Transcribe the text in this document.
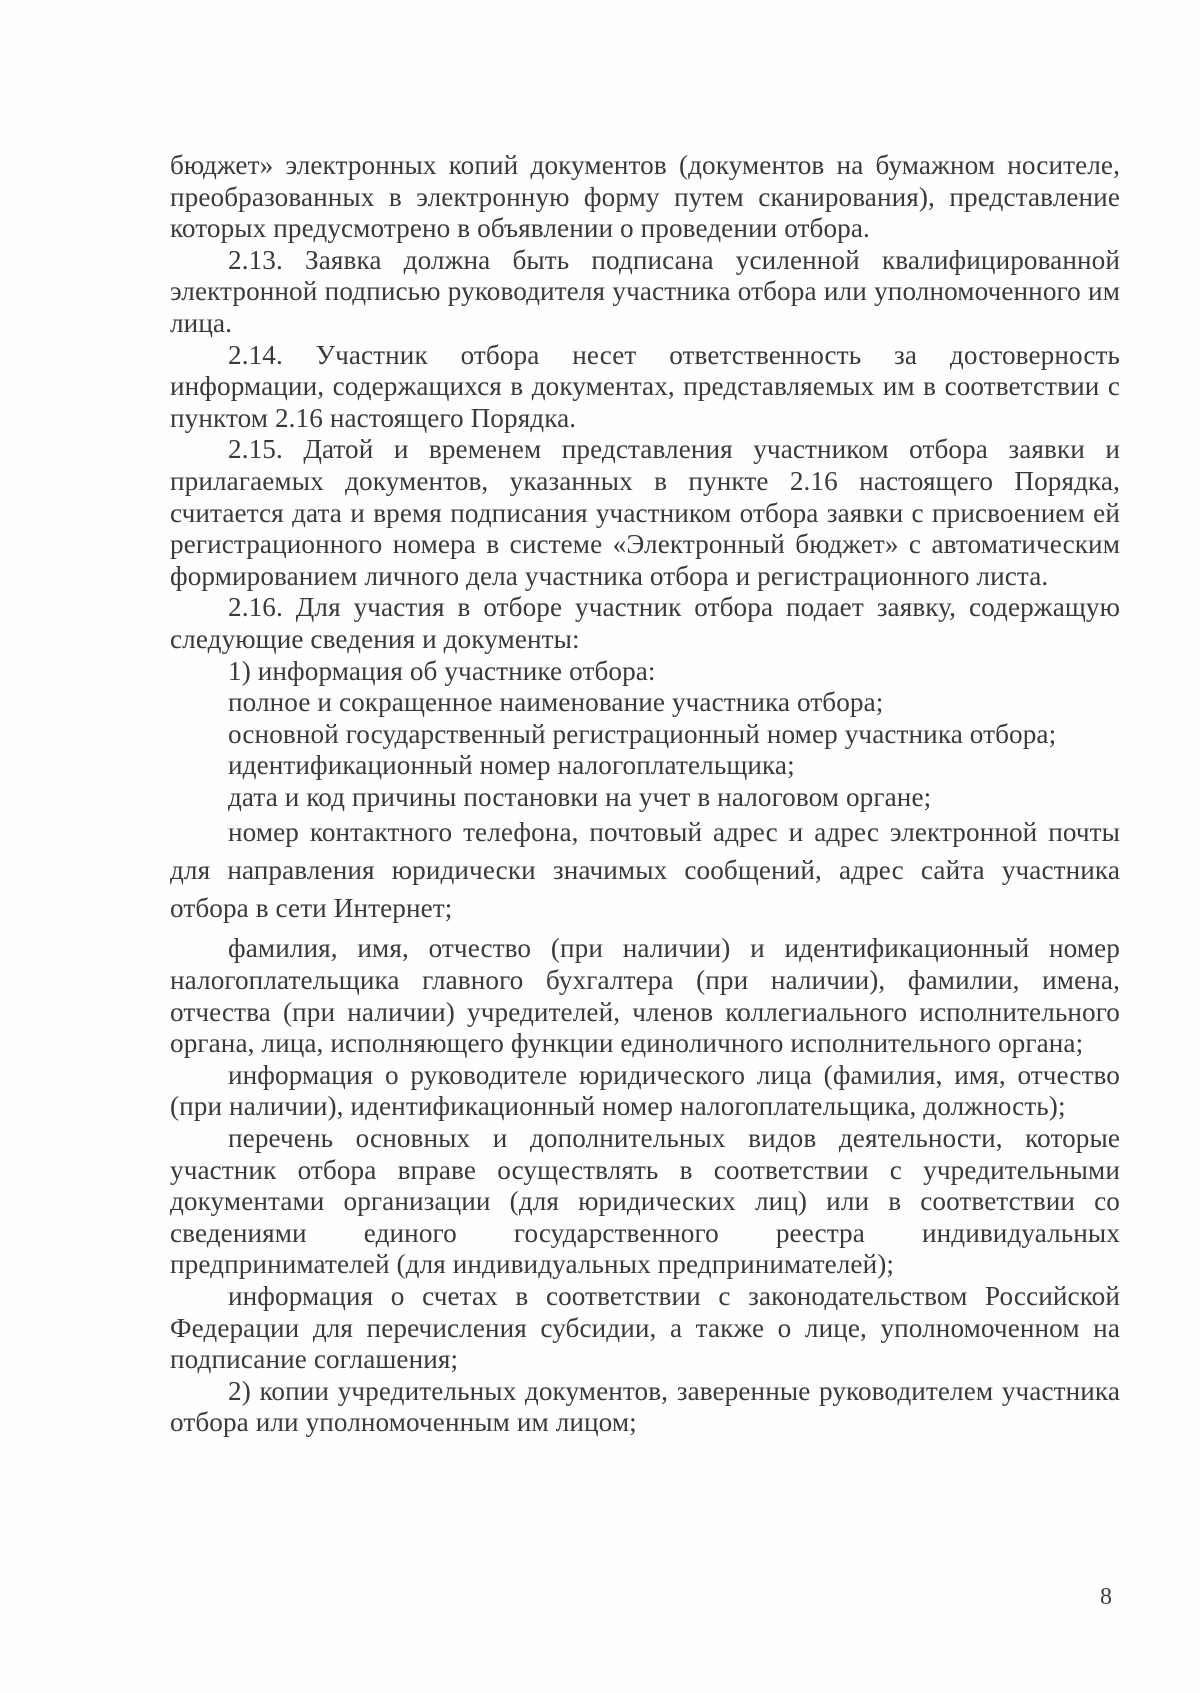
бюджет» электронных копий документов (документов на бумажном носителе, преобразованных в электронную форму путем сканирования), представление которых предусмотрено в объявлении о проведении отбора.

2.13. Заявка должна быть подписана усиленной квалифицированной электронной подписью руководителя участника отбора или уполномоченного им лица.

2.14. Участник отбора несет ответственность за достоверность информации, содержащихся в документах, представляемых им в соответствии с пунктом 2.16 настоящего Порядка.

2.15. Датой и временем представления участником отбора заявки и прилагаемых документов, указанных в пункте 2.16 настоящего Порядка, считается дата и время подписания участником отбора заявки с присвоением ей регистрационного номера в системе «Электронный бюджет» с автоматическим формированием личного дела участника отбора и регистрационного листа.

2.16. Для участия в отборе участник отбора подает заявку, содержащую следующие сведения и документы:

1) информация об участнике отбора:

полное и сокращенное наименование участника отбора;

основной государственный регистрационный номер участника отбора;

идентификационный номер налогоплательщика;

дата и код причины постановки на учет в налоговом органе;

номер контактного телефона, почтовый адрес и адрес электронной почты для направления юридически значимых сообщений, адрес сайта участника отбора в сети Интернет;

фамилия, имя, отчество (при наличии) и идентификационный номер налогоплательщика главного бухгалтера (при наличии), фамилии, имена, отчества (при наличии) учредителей, членов коллегиального исполнительного органа, лица, исполняющего функции единоличного исполнительного органа;

информация о руководителе юридического лица (фамилия, имя, отчество (при наличии), идентификационный номер налогоплательщика, должность);

перечень основных и дополнительных видов деятельности, которые участник отбора вправе осуществлять в соответствии с учредительными документами организации (для юридических лиц) или в соответствии со сведениями единого государственного реестра индивидуальных предпринимателей (для индивидуальных предпринимателей);

информация о счетах в соответствии с законодательством Российской Федерации для перечисления субсидии, а также о лице, уполномоченном на подписание соглашения;

2) копии учредительных документов, заверенные руководителем участника отбора или уполномоченным им лицом;

8
